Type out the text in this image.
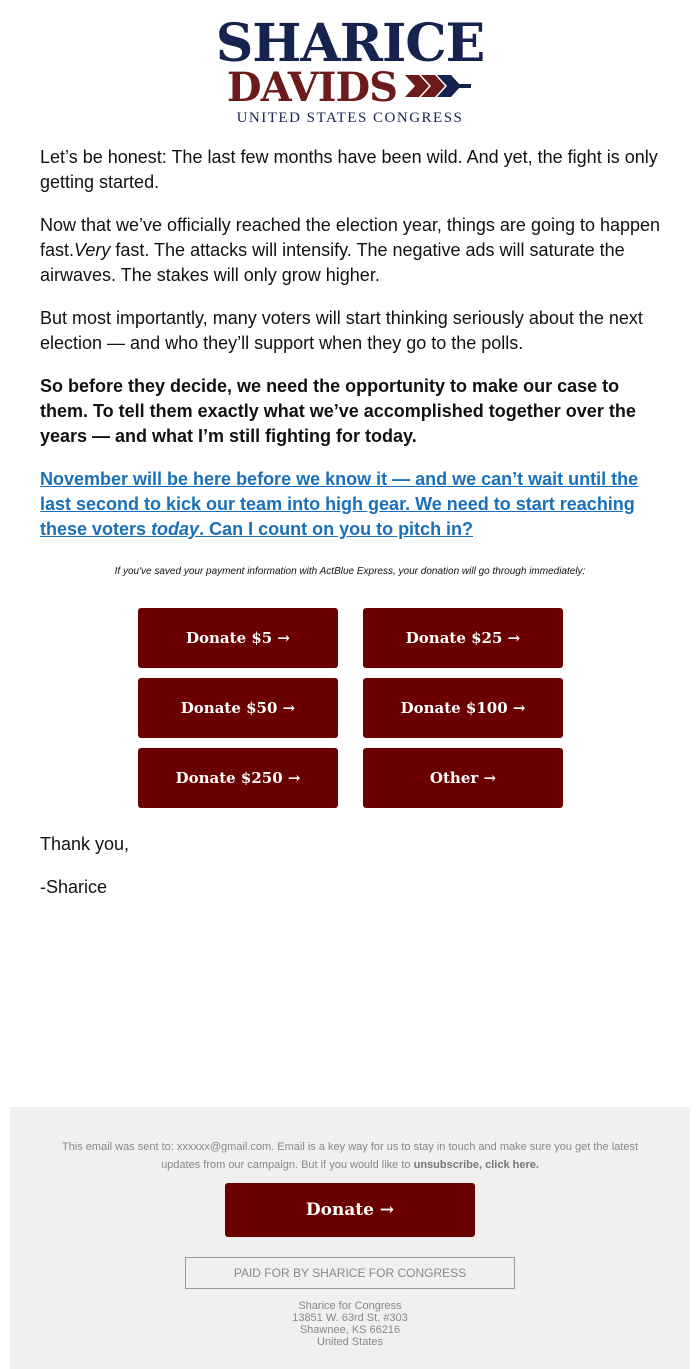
SHARICE
DAVIDS
UNITED STATES CONGRESS

Let’s be honest: The last few months have been wild. And yet, the fight is only getting started.

Now that we’ve officially reached the election year, things are going to happen fast.Very fast. The attacks will intensify. The negative ads will saturate the airwaves. The stakes will only grow higher.

But most importantly, many voters will start thinking seriously about the next election — and who they’ll support when they go to the polls.

So before they decide, we need the opportunity to make our case to them. To tell them exactly what we’ve accomplished together over the years — and what I’m still fighting for today.

November will be here before we know it — and we can’t wait until the last second to kick our team into high gear. We need to start reaching these voters today. Can I count on you to pitch in?

If you've saved your payment information with ActBlue Express, your donation will go through immediately:
Donate $5 →	Donate $25 →
Donate $50 →	Donate $100 →
Donate $250 →	Other →

Thank you,

-Sharice

This email was sent to: xxxxxx@gmail.com. Email is a key way for us to stay in touch and make sure you get the latest updates from our campaign. But if you would like to unsubscribe, click here.
Donate →
PAID FOR BY SHARICE FOR CONGRESS
Sharice for Congress
13851 W. 63rd St. #303
Shawnee, KS 66216
United States
